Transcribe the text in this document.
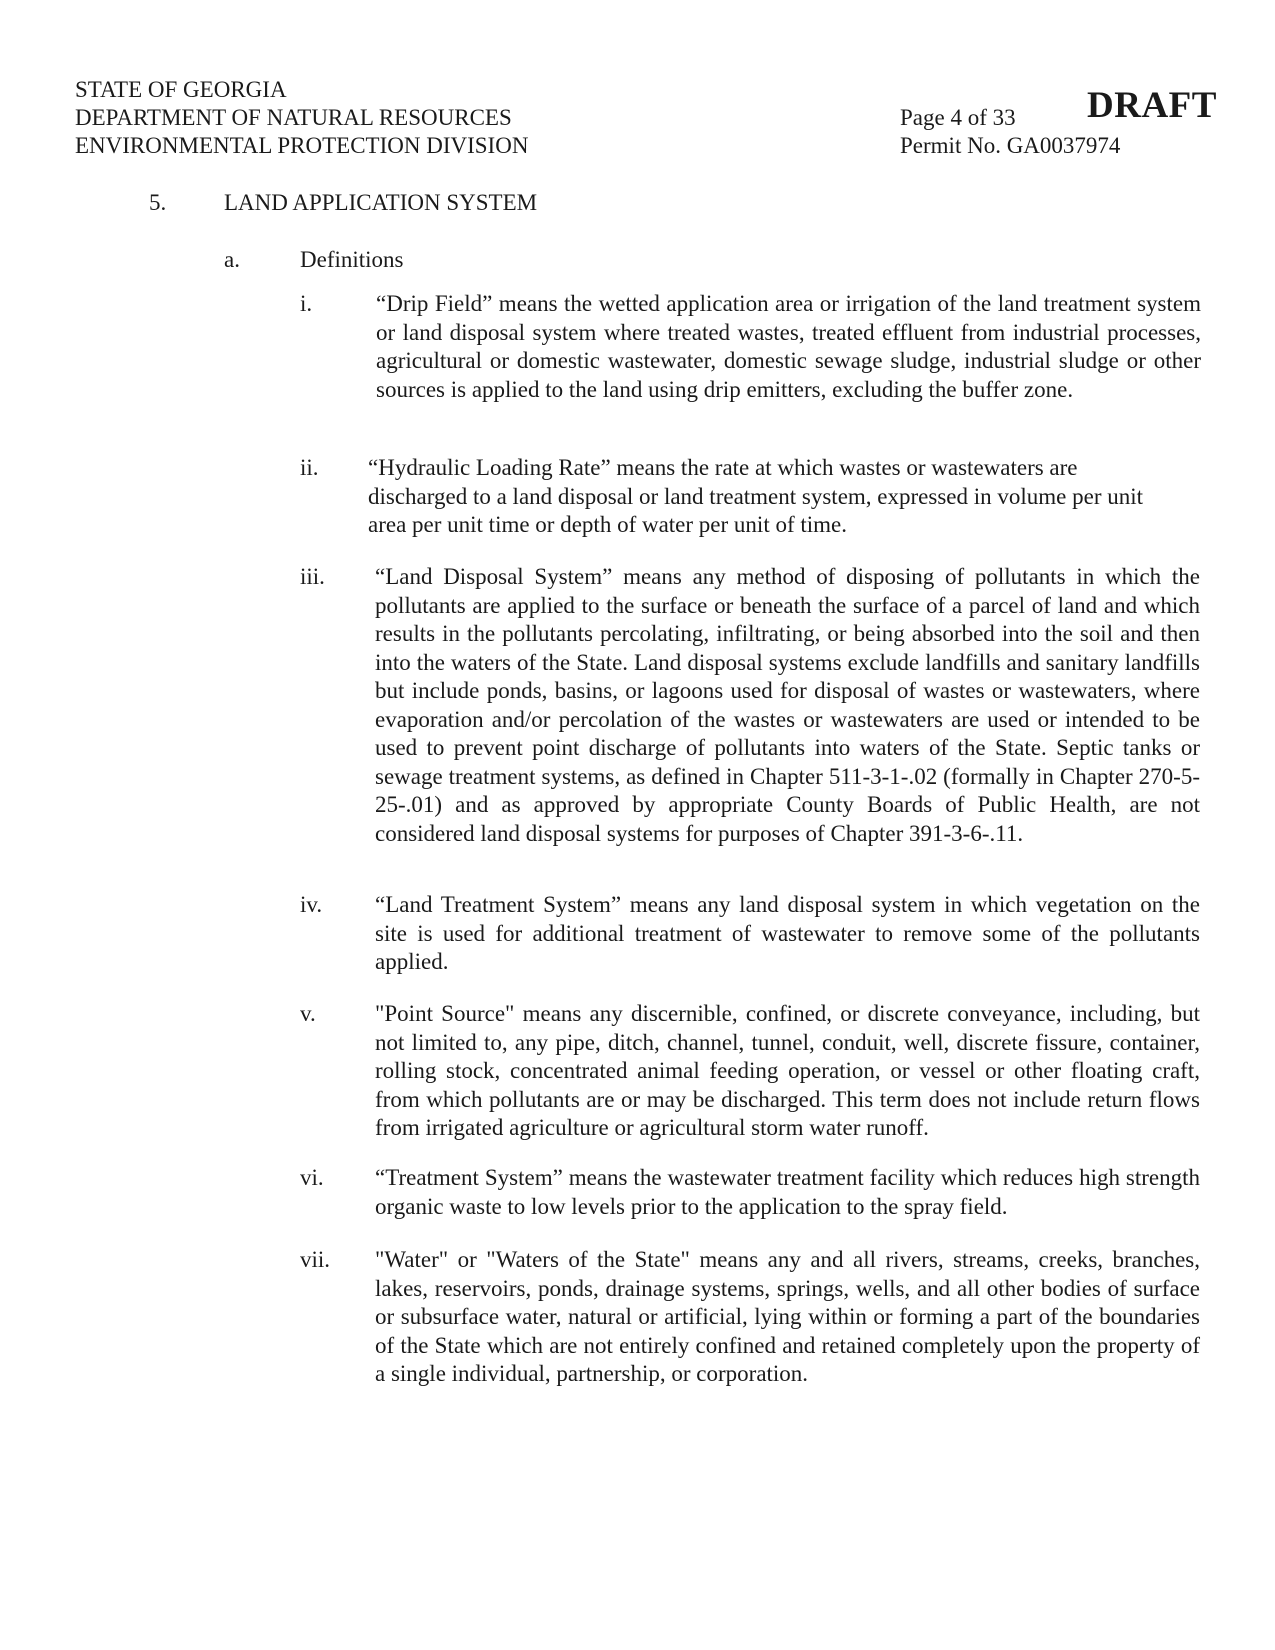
STATE OF GEORGIA
DEPARTMENT OF NATURAL RESOURCES
ENVIRONMENTAL PROTECTION DIVISION
Page 4 of 33
Permit No. GA0037974
DRAFT
5.	LAND APPLICATION SYSTEM
a.	Definitions
i.	“Drip Field” means the wetted application area or irrigation of the land treatment system or land disposal system where treated wastes, treated effluent from industrial processes, agricultural or domestic wastewater, domestic sewage sludge, industrial sludge or other sources is applied to the land using drip emitters, excluding the buffer zone.
ii. “Hydraulic Loading Rate” means the rate at which wastes or wastewaters are discharged to a land disposal or land treatment system, expressed in volume per unit area per unit time or depth of water per unit of time.
iii. “Land Disposal System” means any method of disposing of pollutants in which the pollutants are applied to the surface or beneath the surface of a parcel of land and which results in the pollutants percolating, infiltrating, or being absorbed into the soil and then into the waters of the State. Land disposal systems exclude landfills and sanitary landfills but include ponds, basins, or lagoons used for disposal of wastes or wastewaters, where evaporation and/or percolation of the wastes or wastewaters are used or intended to be used to prevent point discharge of pollutants into waters of the State. Septic tanks or sewage treatment systems, as defined in Chapter 511-3-1-.02 (formally in Chapter 270-5-25-.01) and as approved by appropriate County Boards of Public Health, are not considered land disposal systems for purposes of Chapter 391-3-6-.11.
iv. “Land Treatment System” means any land disposal system in which vegetation on the site is used for additional treatment of wastewater to remove some of the pollutants applied.
v.	"Point Source" means any discernible, confined, or discrete conveyance, including, but not limited to, any pipe, ditch, channel, tunnel, conduit, well, discrete fissure, container, rolling stock, concentrated animal feeding operation, or vessel or other floating craft, from which pollutants are or may be discharged. This term does not include return flows from irrigated agriculture or agricultural storm water runoff.
vi. “Treatment System” means the wastewater treatment facility which reduces high strength organic waste to low levels prior to the application to the spray field.
vii. "Water" or "Waters of the State" means any and all rivers, streams, creeks, branches, lakes, reservoirs, ponds, drainage systems, springs, wells, and all other bodies of surface or subsurface water, natural or artificial, lying within or forming a part of the boundaries of the State which are not entirely confined and retained completely upon the property of a single individual, partnership, or corporation.
